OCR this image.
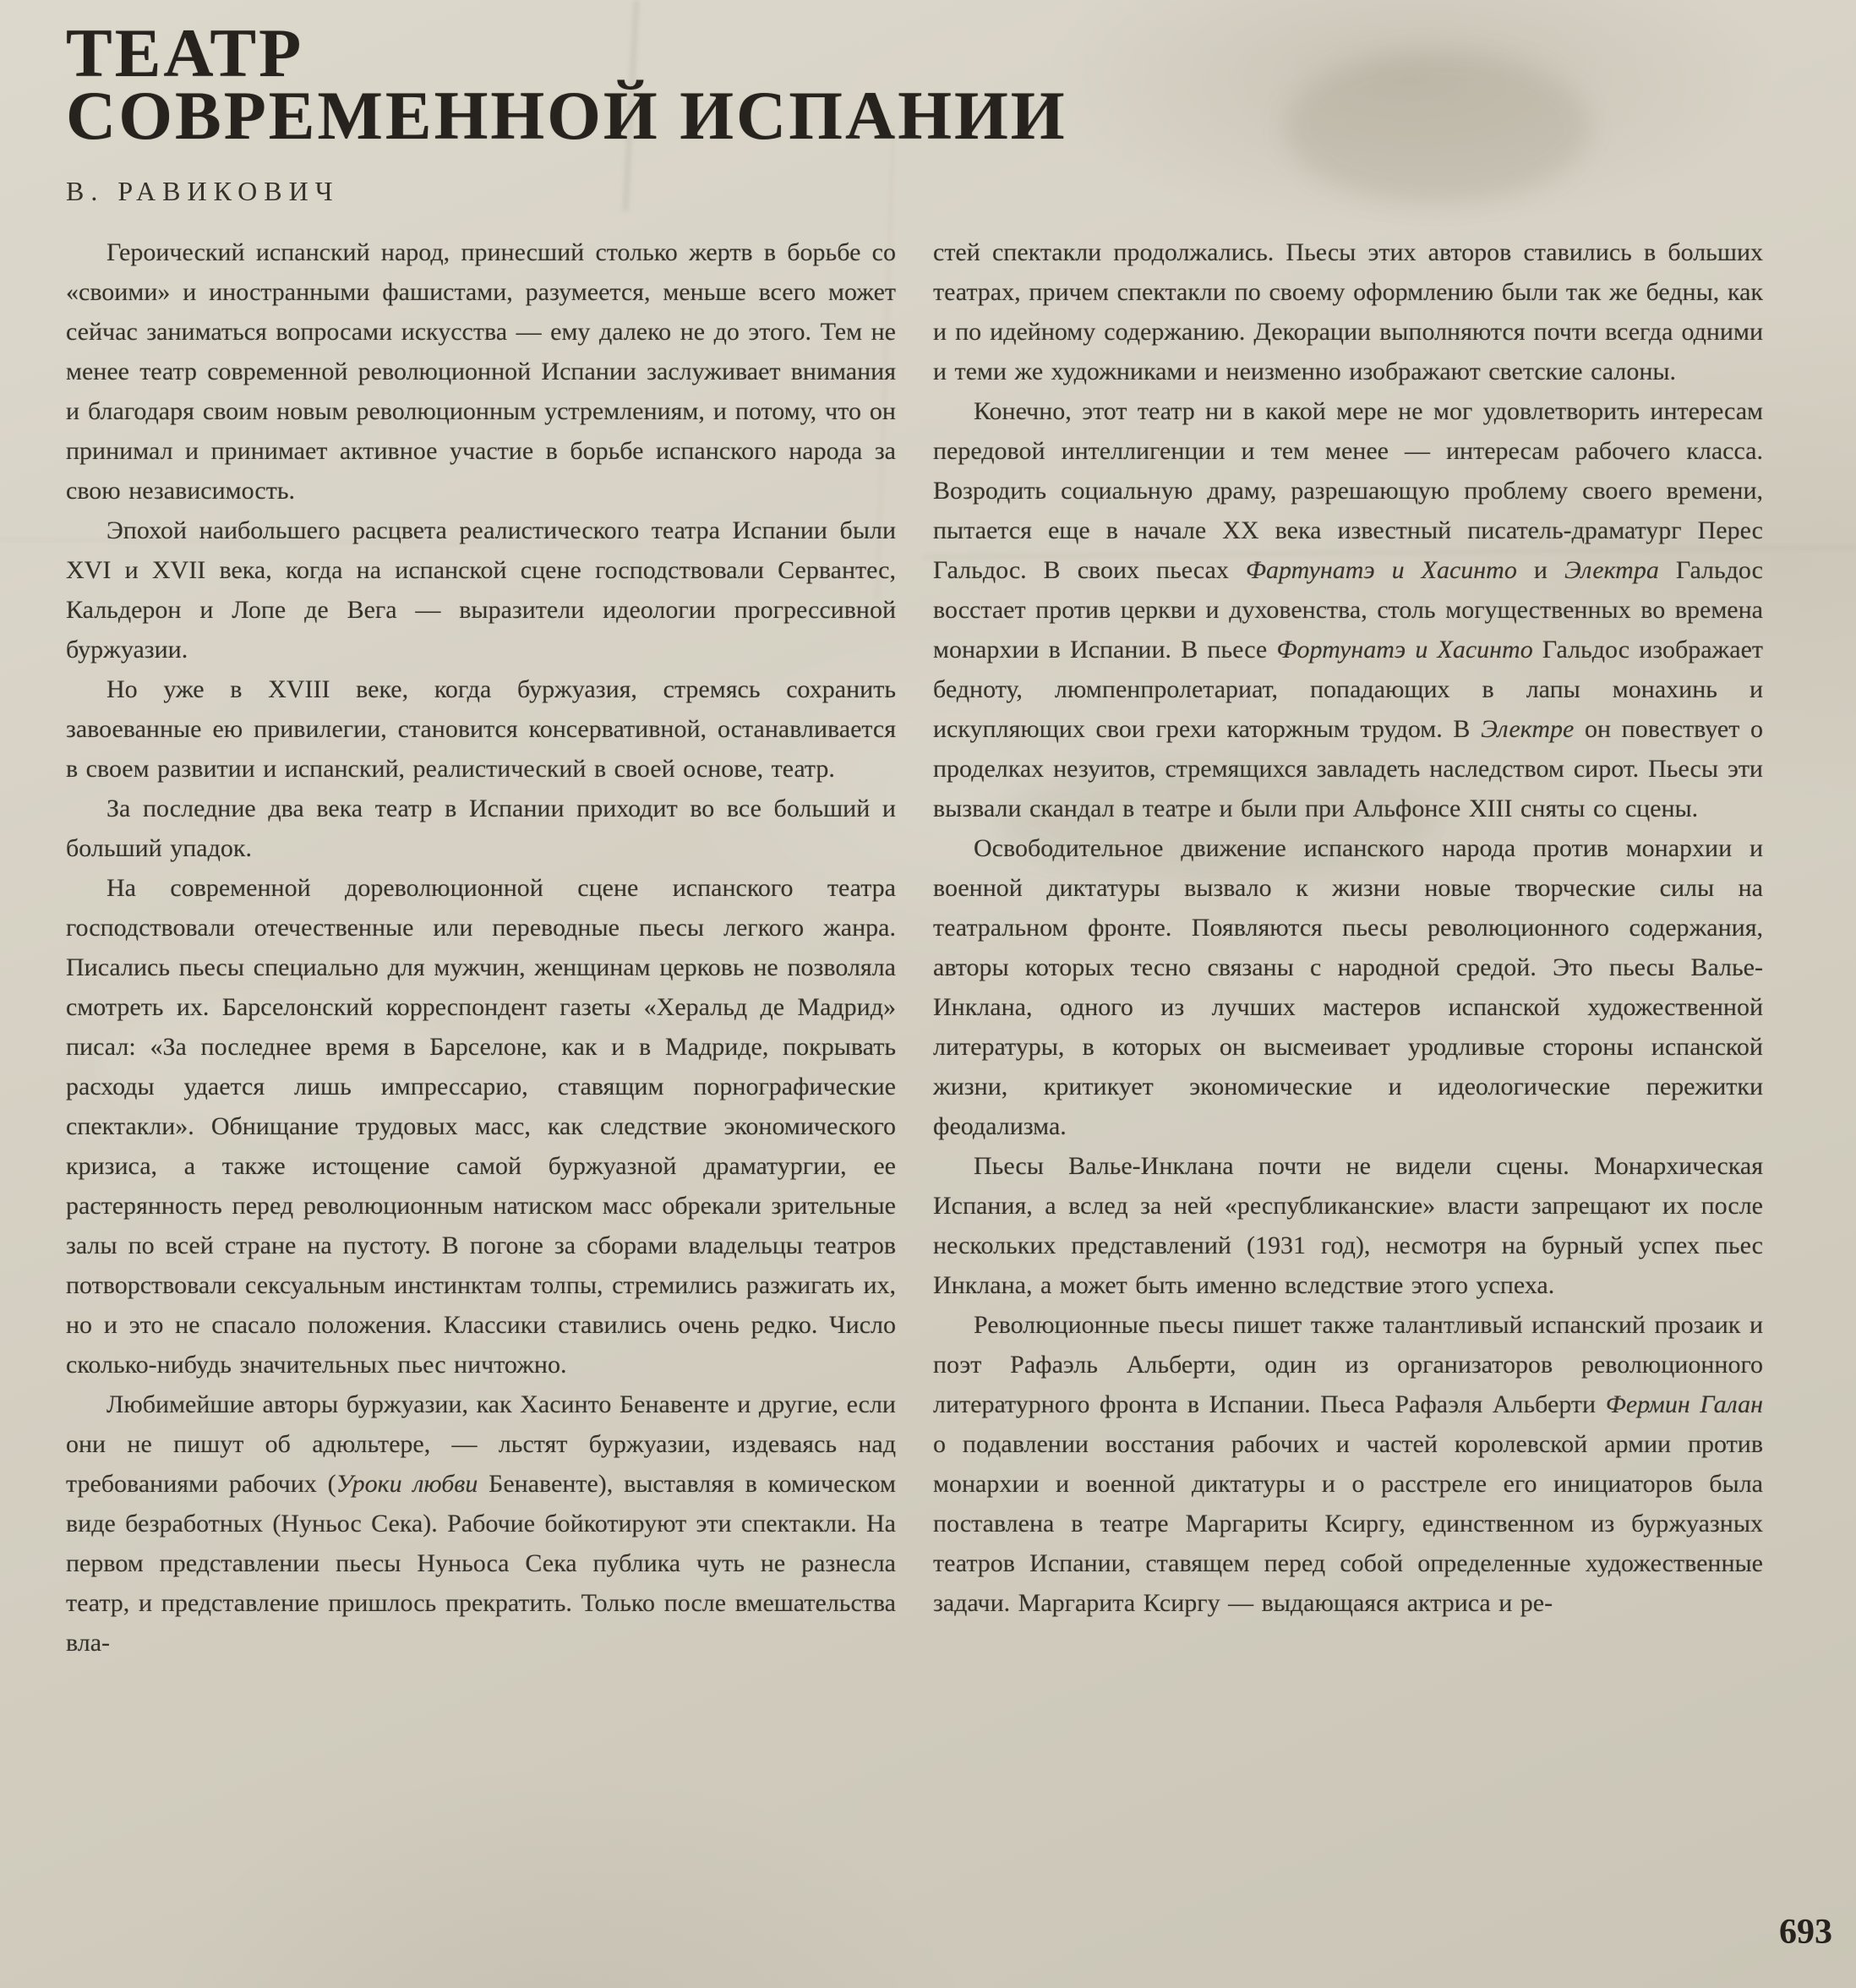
ТЕАТР
СОВРЕМЕННОЙ ИСПАНИИ
В. РАВИКОВИЧ

Героический испанский народ, принесший столько жертв в борьбе со «своими» и иностранными фашистами, разумеется, меньше всего может сейчас заниматься вопросами искусства — ему далеко не до этого. Тем не менее театр современной революционной Испании заслуживает внимания и благодаря своим новым революционным устремлениям, и потому, что он принимал и принимает активное участие в борьбе испанского народа за свою независимость.

Эпохой наибольшего расцвета реалистического театра Испании были XVI и XVII века, когда на испанской сцене господствовали Сервантес, Кальдерон и Лопе де Вега — выразители идеологии прогрессивной буржуазии.

Но уже в XVIII веке, когда буржуазия, стремясь сохранить завоеванные ею привилегии, становится консервативной, останавливается в своем развитии и испанский, реалистический в своей основе, театр.

За последние два века театр в Испании приходит во все больший и больший упадок.

На современной дореволюционной сцене испанского театра господствовали отечественные или переводные пьесы легкого жанра. Писались пьесы специально для мужчин, женщинам церковь не позволяла смотреть их. Барселонский корреспондент газеты «Херальд де Мадрид» писал: «За последнее время в Барселоне, как и в Мадриде, покрывать расходы удается лишь импрессарио, ставящим порнографические спектакли». Обнищание трудовых масс, как следствие экономического кризиса, а также истощение самой буржуазной драматургии, ее растерянность перед революционным натиском масс обрекали зрительные залы по всей стране на пустоту. В погоне за сборами владельцы театров потворствовали сексуальным инстинктам толпы, стремились разжигать их, но и это не спасало положения. Классики ставились очень редко. Число сколько-нибудь значительных пьес ничтожно.

Любимейшие авторы буржуазии, как Хасинто Бенавенте и другие, если они не пишут об адюльтере, — льстят буржуазии, издеваясь над требованиями рабочих (Уроки любви Бенавенте), выставляя в комическом виде безработных (Нуньос Сека). Рабочие бойкотируют эти спектакли. На первом представлении пьесы Нуньоса Сека публика чуть не разнесла театр, и представление пришлось прекратить. Только после вмешательства вла-

стей спектакли продолжались. Пьесы этих авторов ставились в больших театрах, причем спектакли по своему оформлению были так же бедны, как и по идейному содержанию. Декорации выполняются почти всегда одними и теми же художниками и неизменно изображают светские салоны.

Конечно, этот театр ни в какой мере не мог удовлетворить интересам передовой интеллигенции и тем менее — интересам рабочего класса. Возродить социальную драму, разрешающую проблему своего времени, пытается еще в начале XX века известный писатель-драматург Перес Гальдос. В своих пьесах Фартунатэ и Хасинто и Электра Гальдос восстает против церкви и духовенства, столь могущественных во времена монархии в Испании. В пьесе Фортунатэ и Хасинто Гальдос изображает бедноту, люмпенпролетариат, попадающих в лапы монахинь и искупляющих свои грехи каторжным трудом. В Электре он повествует о проделках незуитов, стремящихся завладеть наследством сирот. Пьесы эти вызвали скандал в театре и были при Альфонсе XIII сняты со сцены.

Освободительное движение испанского народа против монархии и военной диктатуры вызвало к жизни новые творческие силы на театральном фронте. Появляются пьесы революционного содержания, авторы которых тесно связаны с народной средой. Это пьесы Валье-Инклана, одного из лучших мастеров испанской художественной литературы, в которых он высмеивает уродливые стороны испанской жизни, критикует экономические и идеологические пережитки феодализма.

Пьесы Валье-Инклана почти не видели сцены. Монархическая Испания, а вслед за ней «республиканские» власти запрещают их после нескольких представлений (1931 год), несмотря на бурный успех пьес Инклана, а может быть именно вследствие этого успеха.

Революционные пьесы пишет также талантливый испанский прозаик и поэт Рафаэль Альберти, один из организаторов революционного литературного фронта в Испании. Пьеса Рафаэля Альберти Фермин Галан о подавлении восстания рабочих и частей королевской армии против монархии и военной диктатуры и о расстреле его инициаторов была поставлена в театре Маргариты Ксиргу, единственном из буржуазных театров Испании, ставящем перед собой определенные художественные задачи. Маргарита Ксиргу — выдающаяся актриса и ре-

693
